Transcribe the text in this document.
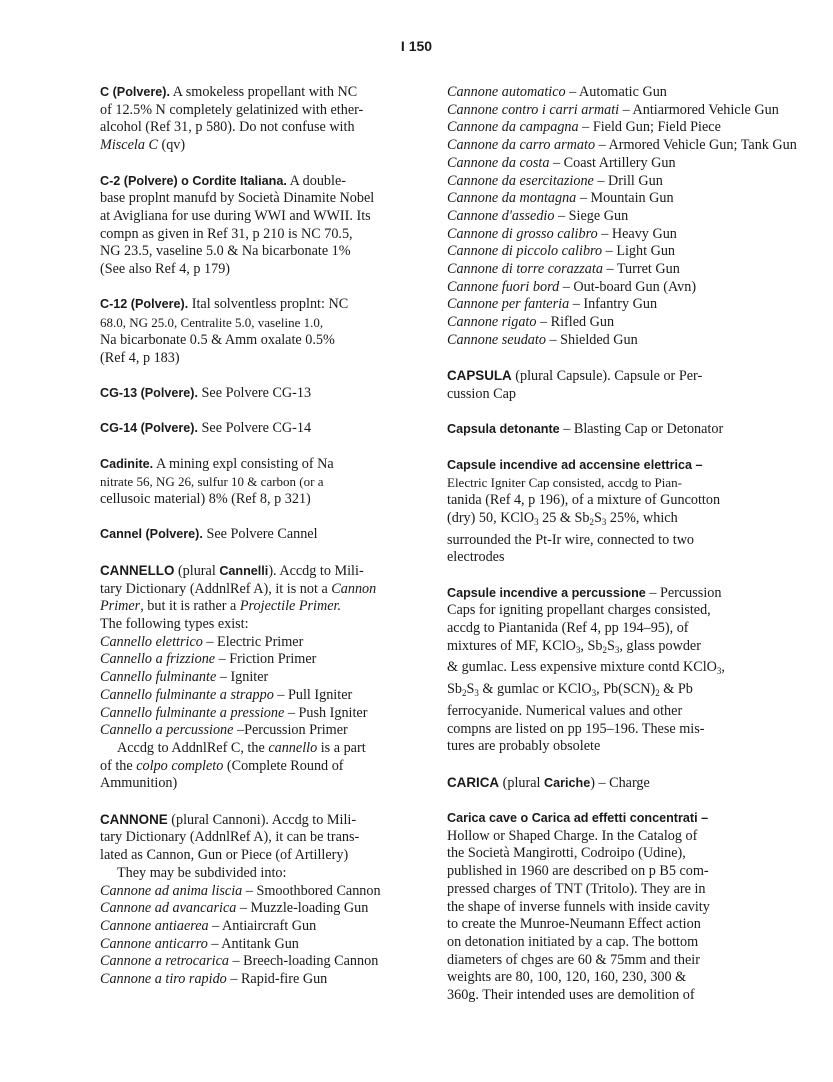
I 150
C (Polvere). A smokeless propellant with NC
of 12.5% N completely gelatinized with ether-
alcohol (Ref 31, p 580). Do not confuse with
Miscela C (qv)
C-2 (Polvere) o Cordite Italiana. A double-
base proplnt manufd by Società Dinamite Nobel
at Avigliana for use during WWI and WWII. Its
compn as given in Ref 31, p 210 is NC 70.5,
NG 23.5, vaseline 5.0 & Na bicarbonate 1%
(See also Ref 4, p 179)
C-12 (Polvere). Ital solventless proplnt: NC
68.0, NG 25.0, Centralite 5.0, vaseline 1.0,
Na bicarbonate 0.5 & Amm oxalate 0.5%
(Ref 4, p 183)
CG-13 (Polvere). See Polvere CG-13
CG-14 (Polvere). See Polvere CG-14
Cadinite. A mining expl consisting of Na
nitrate 56, NG 26, sulfur 10 & carbon (or a
cellusoic material) 8% (Ref 8, p 321)
Cannel (Polvere). See Polvere Cannel
CANNELLO (plural Cannelli). Accdg to Mili-
tary Dictionary (AddnlRef A), it is not a Cannon
Primer, but it is rather a Projectile Primer.
The following types exist:
Cannello elettrico – Electric Primer
Cannello a frizzione – Friction Primer
Cannello fulminante – Igniter
Cannello fulminante a strappo – Pull Igniter
Cannello fulminante a pressione – Push Igniter
Cannello a percussione –Percussion Primer
Accdg to AddnlRef C, the cannello is a part
of the colpo completo (Complete Round of
Ammunition)
CANNONE (plural Cannoni). Accdg to Mili-
tary Dictionary (AddnlRef A), it can be trans-
lated as Cannon, Gun or Piece (of Artillery)
They may be subdivided into:
Cannone ad anima liscia – Smoothbored Cannon
Cannone ad avancarica – Muzzle-loading Gun
Cannone antiaerea – Antiaircraft Gun
Cannone anticarro – Antitank Gun
Cannone a retrocarica – Breech-loading Cannon
Cannone a tiro rapido – Rapid-fire Gun
Cannone automatico – Automatic Gun
Cannone contro i carri armati – Antiarmored Vehicle Gun
Cannone da campagna – Field Gun; Field Piece
Cannone da carro armato – Armored Vehicle Gun; Tank Gun
Cannone da costa – Coast Artillery Gun
Cannone da esercitazione – Drill Gun
Cannone da montagna – Mountain Gun
Cannone d'assedio – Siege Gun
Cannone di grosso calibro – Heavy Gun
Cannone di piccolo calibro – Light Gun
Cannone di torre corazzata – Turret Gun
Cannone fuori bord – Out-board Gun (Avn)
Cannone per fanteria – Infantry Gun
Cannone rigato – Rifled Gun
Cannone seudato – Shielded Gun
CAPSULA (plural Capsule). Capsule or Per-
cussion Cap
Capsula detonante – Blasting Cap or Detonator
Capsule incendive ad accensine elettrica –
Electric Igniter Cap consisted, accdg to Pian-
tanida (Ref 4, p 196), of a mixture of Guncotton
(dry) 50, KClO$_3$ 25 & $Sb_2S_3$ 25%, which
surrounded the Pt-Ir wire, connected to two
electrodes
Capsule incendive a percussione – Percussion
Caps for igniting propellant charges consisted,
accdg to Piantanida (Ref 4, pp 194–95), of
mixtures of MF, KClO$_3$, $Sb_2S_3$, glass powder
& gumlac. Less expensive mixture contd KClO$_3$,
$Sb_2S_3$ & gumlac or KClO$_3$, $Pb(SCN)_2$ & Pb
ferrocyanide. Numerical values and other
compns are listed on pp 195–196. These mis-
tures are probably obsolete
CARICA (plural Cariche) – Charge
Carica cave o Carica ad effetti concentrati –
Hollow or Shaped Charge. In the Catalog of
the Società Mangirotti, Codroipo (Udine),
published in 1960 are described on p B5 com-
pressed charges of TNT (Tritolo). They are in
the shape of inverse funnels with inside cavity
to create the Munroe-Neumann Effect action
on detonation initiated by a cap. The bottom
diameters of chges are 60 & 75mm and their
weights are 80, 100, 120, 160, 230, 300 &
360g. Their intended uses are demolition of
